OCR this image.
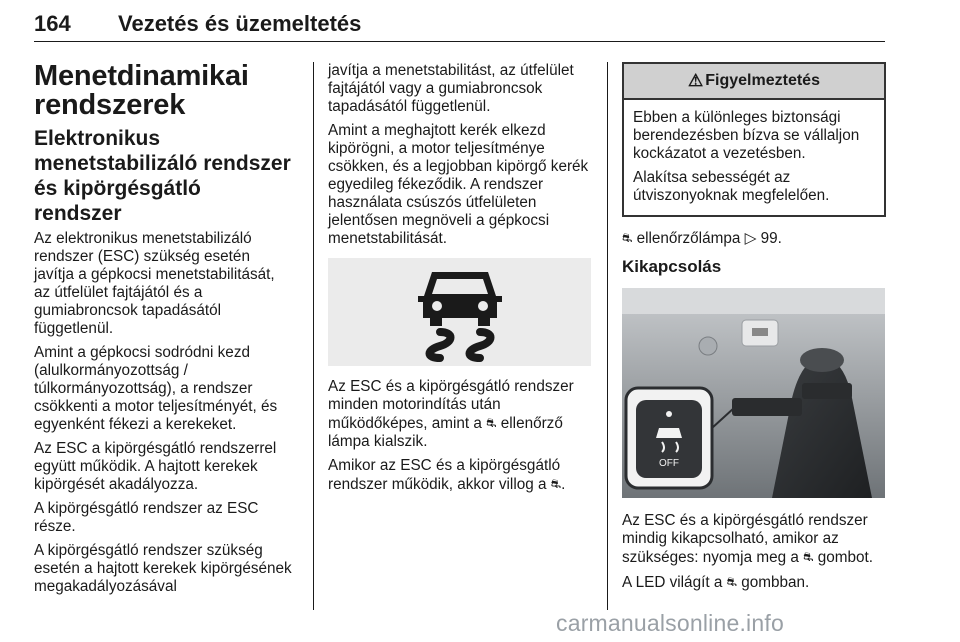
164 Vezetés és üzemeltetés
Menetdinamikai rendszerek
Elektronikus menetstabilizáló rendszer és kipörgésgátló rendszer

Az elektronikus menetstabilizáló rendszer (ESC) szükség esetén javítja a gépkocsi menetstabilitását, az útfelület fajtájától és a gumiabroncsok tapadásától függetlenül.

Amint a gépkocsi sodródni kezd (alulkormányozottság / túlkormányozottság), a rendszer csökkenti a motor teljesítményét, és egyenként fékezi a kerekeket.

Az ESC a kipörgésgátló rendszerrel együtt működik. A hajtott kerekek kipörgését akadályozza.

A kipörgésgátló rendszer az ESC része.

A kipörgésgátló rendszer szükség esetén a hajtott kerekek kipörgésének megakadályozásával

javítja a menetstabilitást, az útfelület fajtájától vagy a gumiabroncsok tapadásától függetlenül.

Amint a meghajtott kerék elkezd kipörögni, a motor teljesítménye csökken, és a legjobban kipörgő kerék egyedileg fékeződik. A rendszer használata csúszós útfelületen jelentősen megnöveli a gépkocsi menetstabilitását.

Az ESC és a kipörgésgátló rendszer minden motorindítás után működőképes, amint a ⛐ ellenőrző lámpa kialszik.

Amikor az ESC és a kipörgésgátló rendszer működik, akkor villog a ⛐.

⚠ Figyelmeztetés

Ebben a különleges biztonsági berendezésben bízva se vállaljon kockázatot a vezetésben.

Alakítsa sebességét az útviszonyoknak megfelelően.

⛐ ellenőrzőlámpa ▷ 99.

Kikapcsolás
OFF

Az ESC és a kipörgésgátló rendszer mindig kikapcsolható, amikor az szükséges: nyomja meg a ⛐ gombot.

A LED világít a ⛐ gombban.

carmanualsonline.info
